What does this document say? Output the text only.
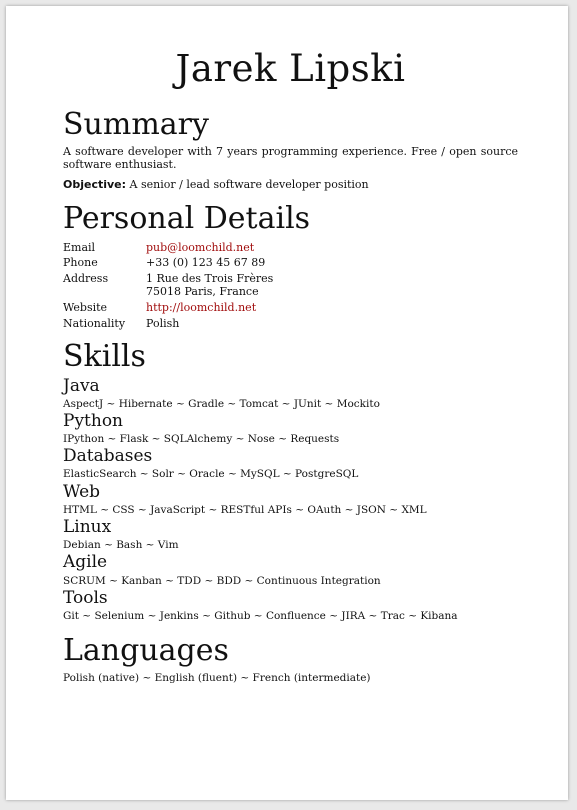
Jarek Lipski
Summary

A software developer with 7 years programming experience. Free / open source software enthusiast.

Objective: A senior / lead software developer position

Personal Details

Email	pub@loomchild.net

Phone	+33 (0) 123 45 67 89

Address	1 Rue des Trois Frères

75018 Paris, France

Website	http://loomchild.net

Nationality Polish

Skills
Java

AspectJ ~ Hibernate ~ Gradle ~ Tomcat ~ JUnit ~ Mockito

Python

IPython ~ Flask ~ SQLAlchemy ~ Nose ~ Requests

Databases

ElasticSearch ~ Solr ~ Oracle ~ MySQL ~ PostgreSQL

Web

HTML ~ CSS ~ JavaScript ~ RESTful APIs ~ OAuth ~ JSON ~ XML

Linux

Debian ~ Bash ~ Vim

Agile

SCRUM ~ Kanban ~ TDD ~ BDD ~ Continuous Integration

Tools

Git ~ Selenium ~ Jenkins ~ Github ~ Confluence ~ JIRA ~ Trac ~ Kibana

Languages

Polish (native) ~ English (fluent) ~ French (intermediate)
